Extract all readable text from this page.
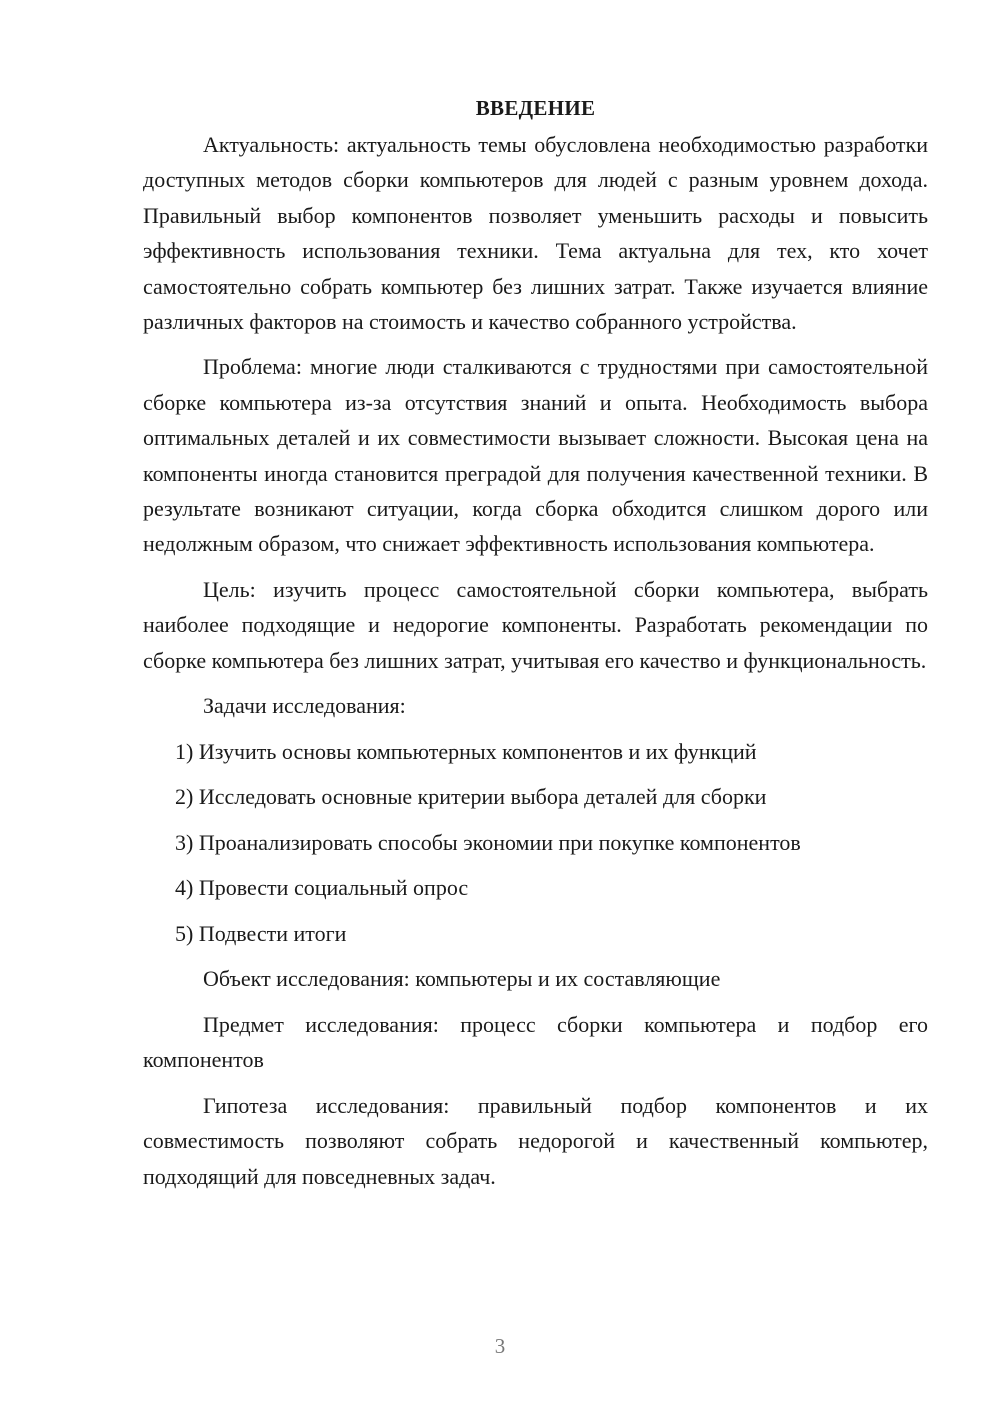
ВВЕДЕНИЕ

Актуальность: актуальность темы обусловлена необходимостью разработки доступных методов сборки компьютеров для людей с разным уровнем дохода. Правильный выбор компонентов позволяет уменьшить расходы и повысить эффективность использования техники. Тема актуальна для тех, кто хочет самостоятельно собрать компьютер без лишних затрат. Также изучается влияние различных факторов на стоимость и качество собранного устройства.

Проблема: многие люди сталкиваются с трудностями при самостоятельной сборке компьютера из-за отсутствия знаний и опыта. Необходимость выбора оптимальных деталей и их совместимости вызывает сложности. Высокая цена на компоненты иногда становится преградой для получения качественной техники. В результате возникают ситуации, когда сборка обходится слишком дорого или недолжным образом, что снижает эффективность использования компьютера.

Цель: изучить процесс самостоятельной сборки компьютера, выбрать наиболее подходящие и недорогие компоненты. Разработать рекомендации по сборке компьютера без лишних затрат, учитывая его качество и функциональность.

Задачи исследования:

1) Изучить основы компьютерных компонентов и их функций
2) Исследовать основные критерии выбора деталей для сборки
3) Проанализировать способы экономии при покупке компонентов
4) Провести социальный опрос
5) Подвести итоги

Объект исследования: компьютеры и их составляющие

Предмет исследования: процесс сборки компьютера и подбор его компонентов

Гипотеза исследования: правильный подбор компонентов и их совместимость позволяют собрать недорогой и качественный компьютер, подходящий для повседневных задач.

3
